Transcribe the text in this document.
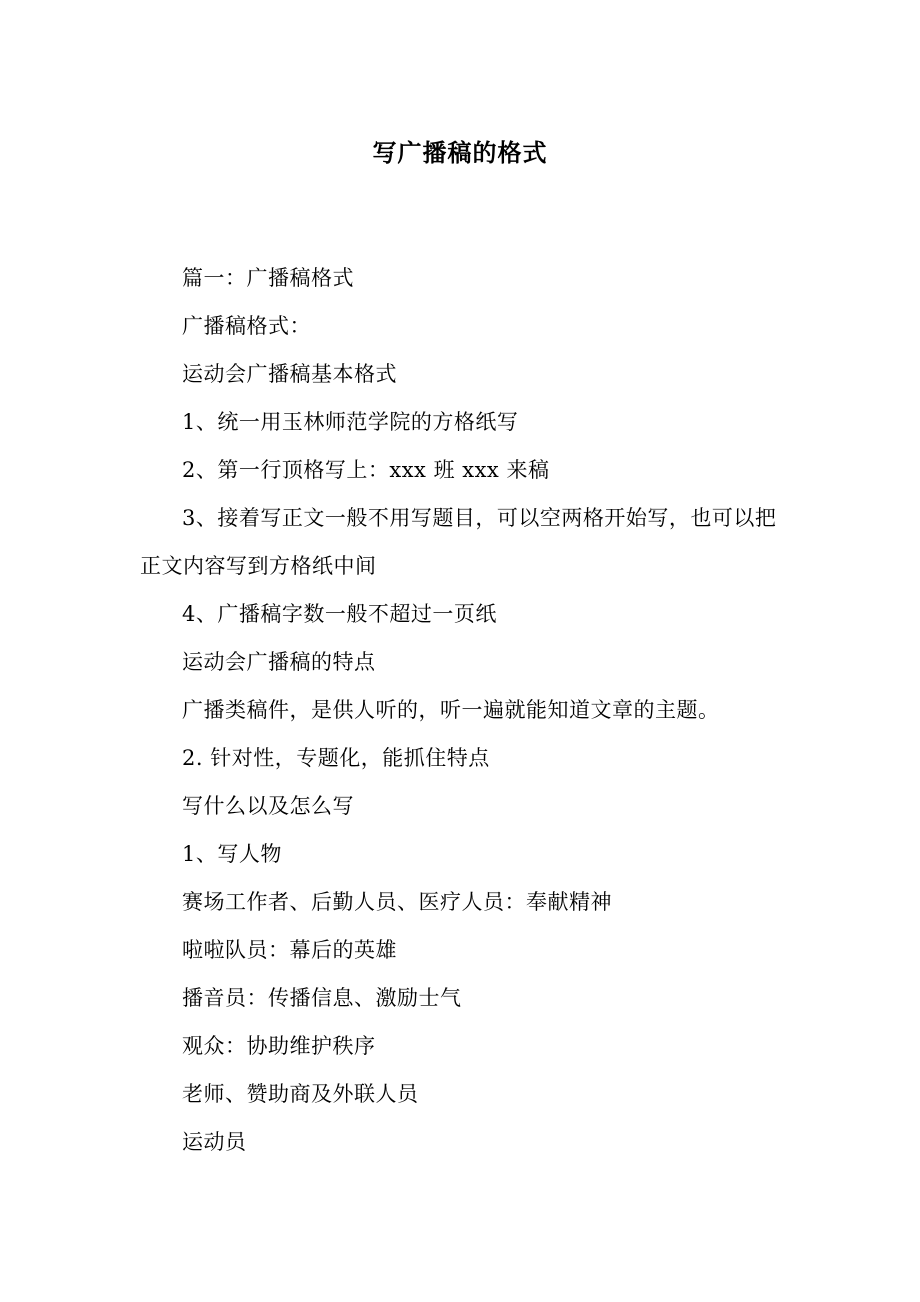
写广播稿的格式

篇一：广播稿格式

广播稿格式：

运动会广播稿基本格式

1、统一用玉林师范学院的方格纸写

2、第一行顶格写上：xxx 班 xxx 来稿

3、接着写正文一般不用写题目，可以空两格开始写，也可以把正文内容写到方格纸中间

4、广播稿字数一般不超过一页纸

运动会广播稿的特点

广播类稿件，是供人听的，听一遍就能知道文章的主题。

2. 针对性，专题化，能抓住特点

写什么以及怎么写

1、写人物

赛场工作者、后勤人员、医疗人员：奉献精神

啦啦队员：幕后的英雄

播音员：传播信息、激励士气

观众：协助维护秩序

老师、赞助商及外联人员

运动员
